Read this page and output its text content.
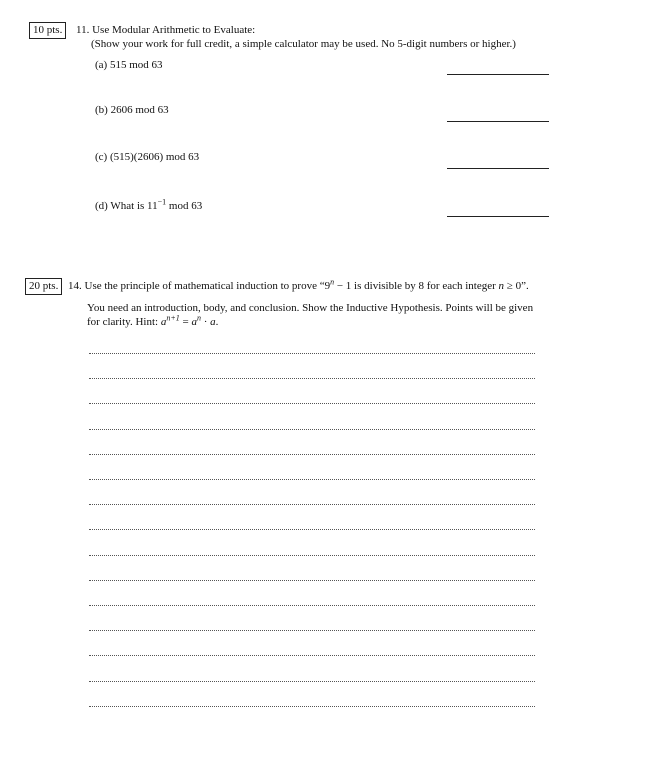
10 pts.	11. Use Modular Arithmetic to Evaluate:
(Show your work for full credit, a simple calculator may be used. No 5-digit numbers or higher.)
(a) 515 mod 63
(b) 2606 mod 63
(c) (515)(2606) mod 63
(d) What is $11^{-1}$ mod 63
20 pts. 14. Use the principle of mathematical induction to prove “$9^n - 1$ is divisible by 8 for each integer n ≥ 0”.
You need an introduction, body, and conclusion. Show the Inductive Hypothesis. Points will be given
for clarity. Hint: $a^{n+1} = a^n \cdot a$.
